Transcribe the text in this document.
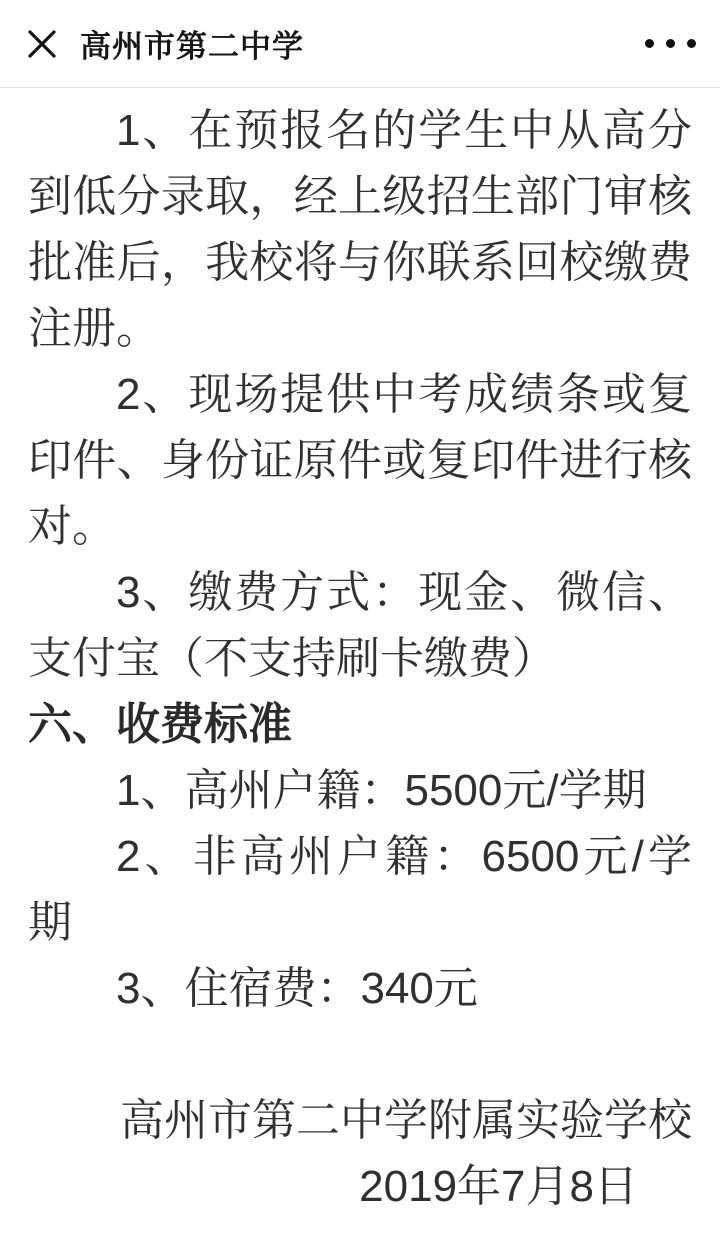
高州市第二中学
1、在预报名的学生中从高分
到低分录取，经上级招生部门审核
批准后，我校将与你联系回校缴费
注册。
2、现场提供中考成绩条或复
印件、身份证原件或复印件进行核
对。
3、缴费方式：现金、微信、
支付宝（不支持刷卡缴费）
六、收费标准
1、高州户籍：5500元/学期
2、非高州户籍：6500元/学
期
3、住宿费：340元
高州市第二中学附属实验学校
2019年7月8日
